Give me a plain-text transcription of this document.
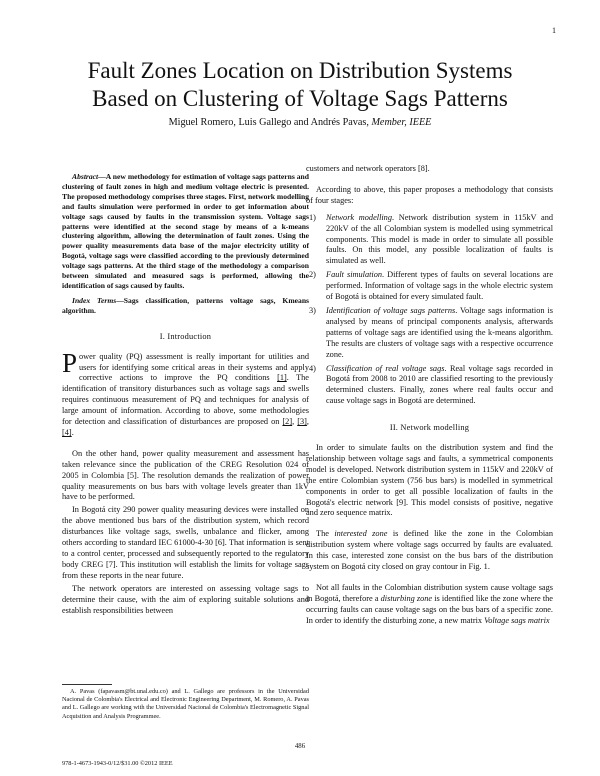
1
Fault Zones Location on Distribution Systems
Based on Clustering of Voltage Sags Patterns
Miguel Romero, Luis Gallego and Andrés Pavas, Member, IEEE

Abstract—A new methodology for estimation of voltage sags patterns and clustering of fault zones in high and medium voltage electric is presented. The proposed methodology comprises three stages. First, network modelling and faults simulation were performed in order to get information about voltage sags caused by faults in the transmission system. Voltage sags patterns were identified at the second stage by means of a k-means clustering algorithm, allowing the determination of fault zones. Using the power quality measurements data base of the major electricity utility of Bogotá, voltage sags were classified according to the previously determined voltage sags patterns. At the third stage of the methodology a comparison between simulated and measured sags is performed, allowing the identification of sags caused by faults.

Index Terms—Sags classification, patterns voltage sags, Kmeans algorithm.

I. Introduction

Power quality (PQ) assessment is really important for utilities and users for identifying some critical areas in their systems and apply corrective actions to improve the PQ conditions [1]. The identification of transitory disturbances such as voltage sags and swells requires continuous measurement of PQ and techniques for analysis of large amount of information. According to above, some methodologies for detection and classification of disturbances are proposed on [2], [3], [4].

On the other hand, power quality measurement and assessment has taken relevance since the publication of the CREG Resolution 024 of 2005 in Colombia [5]. The resolution demands the realization of power quality measurements on bus bars with voltage levels greater than 1kV have to be performed.

In Bogotá city 290 power quality measuring devices were installed on the above mentioned bus bars of the distribution system, which record disturbances like voltage sags, swells, unbalance and flicker, among others according to standard IEC 61000-4-30 [6]. That information is sent to a control center, processed and subsequently reported to the regulatory body CREG [7]. This institution will establish the limits for voltage sags from these reports in the near future.

The network operators are interested on assessing voltage sags to determine their cause, with the aim of exploring suitable solutions and establish responsibilities between

customers and network operators [8].

According to above, this paper proposes a methodology that consists of four stages:

1) Network modelling. Network distribution system in 115kV and 220kV of the all Colombian system is modelled using symmetrical components. This model is made in order to simulate all possible faults. On this model, any possible localization of faults is simulated as well.
2) Fault simulation. Different types of faults on several locations are performed. Information of voltage sags in the whole electric system of Bogotá is obtained for every simulated fault.
3) Identification of voltage sags patterns. Voltage sags information is analysed by means of principal components analysis, afterwards patterns of voltage sags are identified using the k-means algorithm. The results are clusters of voltage sags with a respective occurrence zone.
4) Classification of real voltage sags. Real voltage sags recorded in Bogotá from 2008 to 2010 are classified resorting to the previously determined clusters. Finally, zones where real faults occur and cause voltage sags in Bogotá are determined.
II. Network modelling

In order to simulate faults on the distribution system and find the relationship between voltage sags and faults, a symmetrical components model is developed. Network distribution system in 115kV and 220kV of the entire Colombian system (756 bus bars) is modelled in symmetrical components in order to get all possible localization of faults in the Bogotá's electric network [9]. This model consists of positive, negative and zero sequence matrix.

The interested zone is defined like the zone in the Colombian distribution system where voltage sags occurred by faults are evaluated. In this case, interested zone consist on the bus bars of the distribution system on Bogotá city closed on gray contour in Fig. 1.

Not all faults in the Colombian distribution system cause voltage sags in Bogotá, therefore a disturbing zone is identified like the zone where the occurring faults can cause voltage sags on the bus bars of a specific zone. In order to identify the disturbing zone, a new matrix Voltage sags matrix

A. Pavas (fapavasm@bt.unal.edu.co) and L. Gallego are professors in the Universidad Nacional de Colombia's Electrical and Electronic Engineering Department, M. Romero, A. Pavas and L. Gallego are working with the Universidad Nacional de Colombia's Electromagnetic Signal Acquisition and Analysis Programmee.

486
978-1-4673-1943-0/12/$31.00 ©2012 IEEE
